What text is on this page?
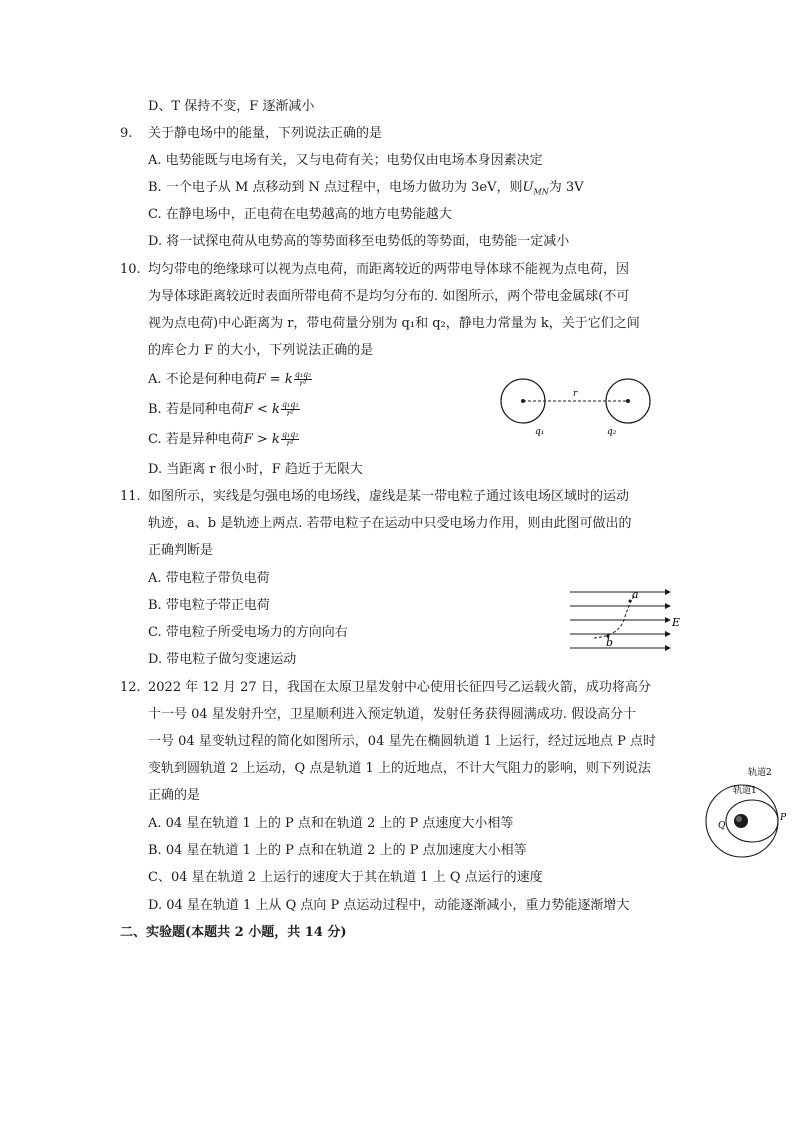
D、T 保持不变，F 逐渐减小
9. 关于静电场中的能量，下列说法正确的是
A. 电势能既与电场有关，又与电荷有关；电势仅由电场本身因素决定
B. 一个电子从 M 点移动到 N 点过程中，电场力做功为 3eV，则$U_{MN}$为 3V
C. 在静电场中，正电荷在电势越高的地方电势能越大
D. 将一试探电荷从电势高的等势面移至电势低的等势面，电势能一定减小
10. 均匀带电的绝缘球可以视为点电荷，而距离较近的两带电导体球不能视为点电荷，因
为导体球距离较近时表面所带电荷不是均匀分布的. 如图所示，两个带电金属球(不可
视为点电荷)中心距离为 r，带电荷量分别为 q₁和 q₂，静电力常量为 k，关于它们之间
的库仑力 F 的大小，下列说法正确的是
A. 不论是何种电荷F = k $\frac{\text{q₁q₂}}{\text{r²}}$
B. 若是同种电荷F < k $\frac{\text{q₁q₂}}{\text{r²}}$
C. 若是异种电荷F > k $\frac{\text{q₁q₂}}{\text{r²}}$
D. 当距离 r 很小时，F 趋近于无限大
r
q₁	q₂
11. 如图所示，实线是匀强电场的电场线，虚线是某一带电粒子通过该电场区域时的运动
轨迹，a、b 是轨迹上两点. 若带电粒子在运动中只受电场力作用，则由此图可做出的
正确判断是
A. 带电粒子带负电荷
B. 带电粒子带正电荷
C. 带电粒子所受电场力的方向向右
D. 带电粒子做匀变速运动
a
b
E
12. 2022 年 12 月 27 日，我国在太原卫星发射中心使用长征四号乙运载火箭，成功将高分
十一号 04 星发射升空，卫星顺利进入预定轨道，发射任务获得圆满成功. 假设高分十
一号 04 星变轨过程的简化如图所示，04 星先在椭圆轨道 1 上运行，经过远地点 P 点时
变轨到圆轨道 2 上运动，Q 点是轨道 1 上的近地点，不计大气阻力的影响，则下列说法
正确的是
A. 04 星在轨道 1 上的 P 点和在轨道 2 上的 P 点速度大小相等
B. 04 星在轨道 1 上的 P 点和在轨道 2 上的 P 点加速度大小相等
C、04 星在轨道 2 上运行的速度大于其在轨道 1 上 Q 点运行的速度
D. 04 星在轨道 1 上从 Q 点向 P 点运动过程中，动能逐渐减小，重力势能逐渐增大
轨道2
轨道1
Q
P
二、实验题(本题共 2 小题，共 14 分)
